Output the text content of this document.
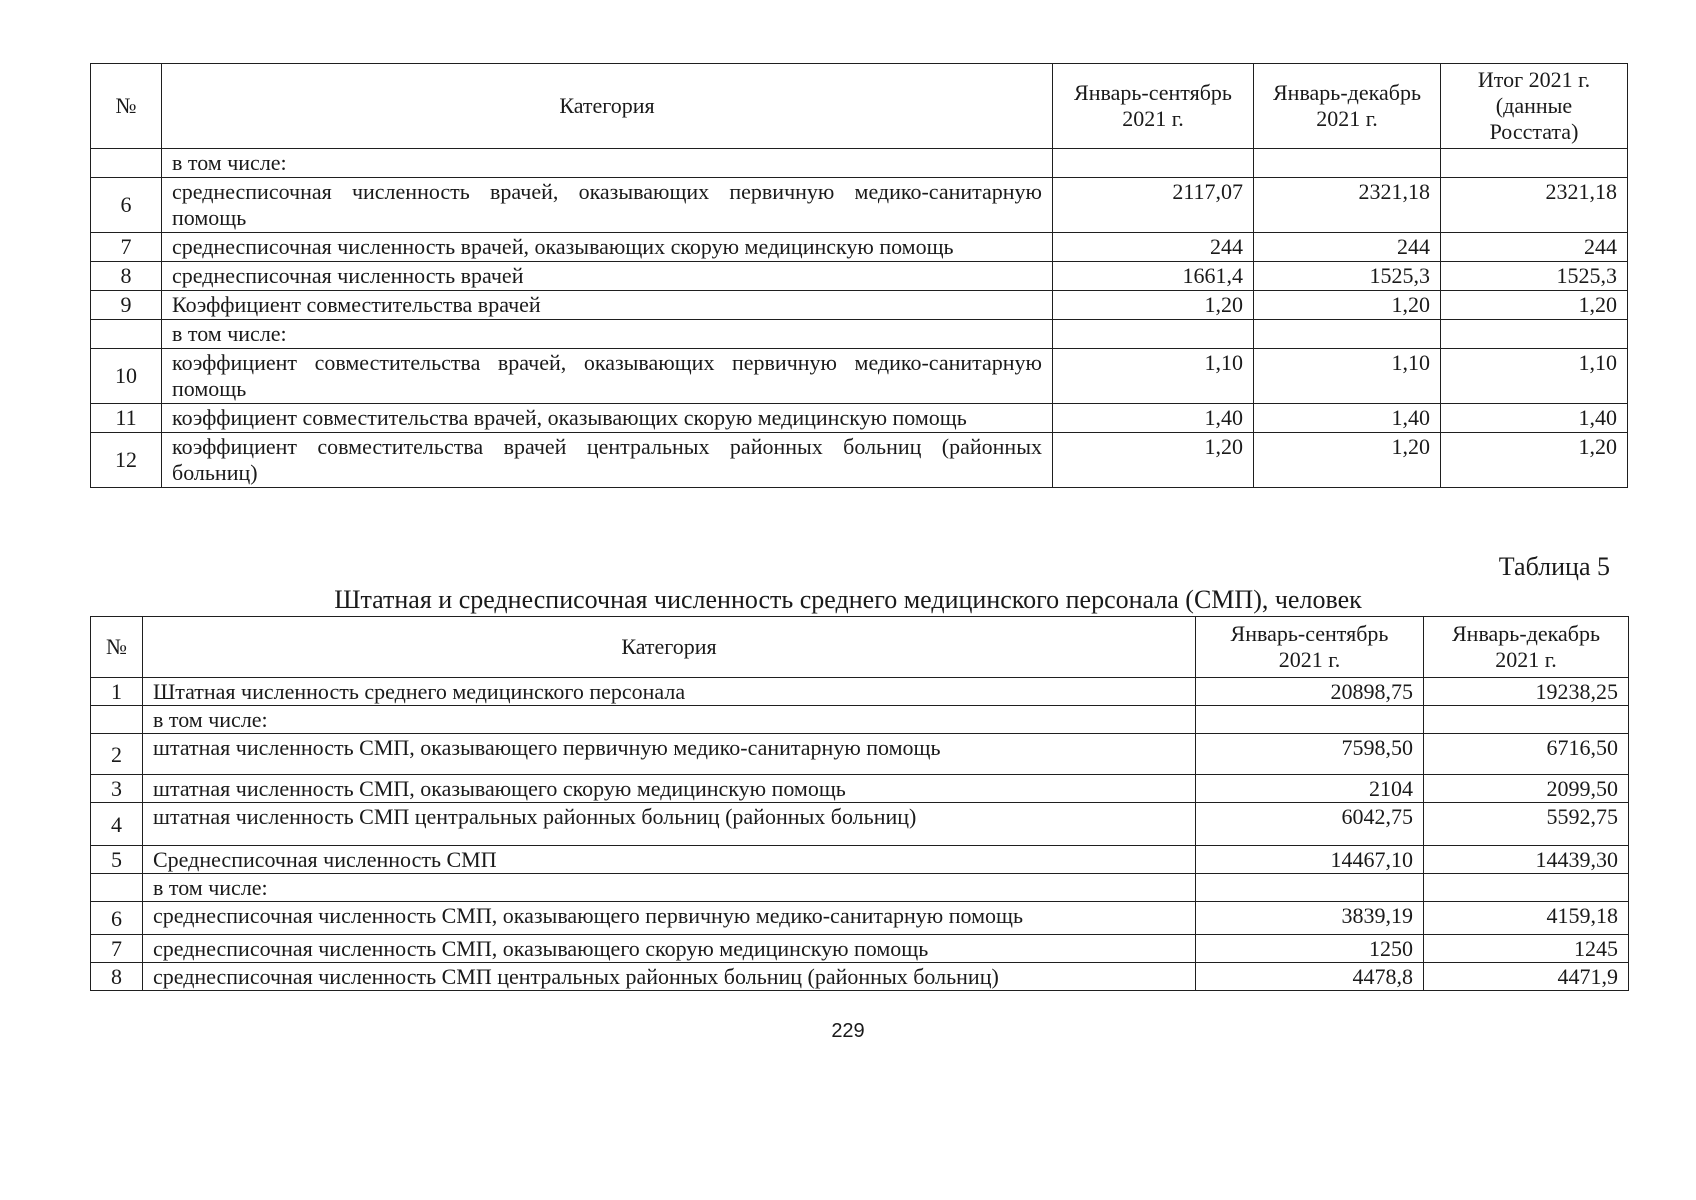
№	Категория	Январь-сентябрь 2021 г.	Январь-декабрь 2021 г.	Итог 2021 г. (данные Росстата)
	в том числе:			
6	среднесписочная численность врачей, оказывающих первичную медико-санитарную помощь	2117,07	2321,18	2321,18
7	среднесписочная численность врачей, оказывающих скорую медицинскую помощь	244	244	244
8	среднесписочная численность врачей	1661,4	1525,3	1525,3
9	Коэффициент совместительства врачей	1,20	1,20	1,20
	в том числе:			
10	коэффициент совместительства врачей, оказывающих первичную медико-санитарную помощь	1,10	1,10	1,10
11	коэффициент совместительства врачей, оказывающих скорую медицинскую помощь	1,40	1,40	1,40
12	коэффициент совместительства врачей центральных районных больниц (районных больниц)	1,20	1,20	1,20
Таблица 5
Штатная и среднесписочная численность среднего медицинского персонала (СМП), человек
№	Категория	Январь-сентябрь 2021 г.	Январь-декабрь 2021 г.
1	Штатная численность среднего медицинского персонала	20898,75	19238,25
	в том числе:		
2	штатная численность СМП, оказывающего первичную медико-санитарную помощь	7598,50	6716,50
3	штатная численность СМП, оказывающего скорую медицинскую помощь	2104	2099,50
4	штатная численность СМП центральных районных больниц (районных больниц)	6042,75	5592,75
5	Среднесписочная численность СМП	14467,10	14439,30
	в том числе:		
6	среднесписочная численность СМП, оказывающего первичную медико-санитарную помощь	3839,19	4159,18
7	среднесписочная численность СМП, оказывающего скорую медицинскую помощь	1250	1245
8	среднесписочная численность СМП центральных районных больниц (районных больниц)	4478,8	4471,9
229
